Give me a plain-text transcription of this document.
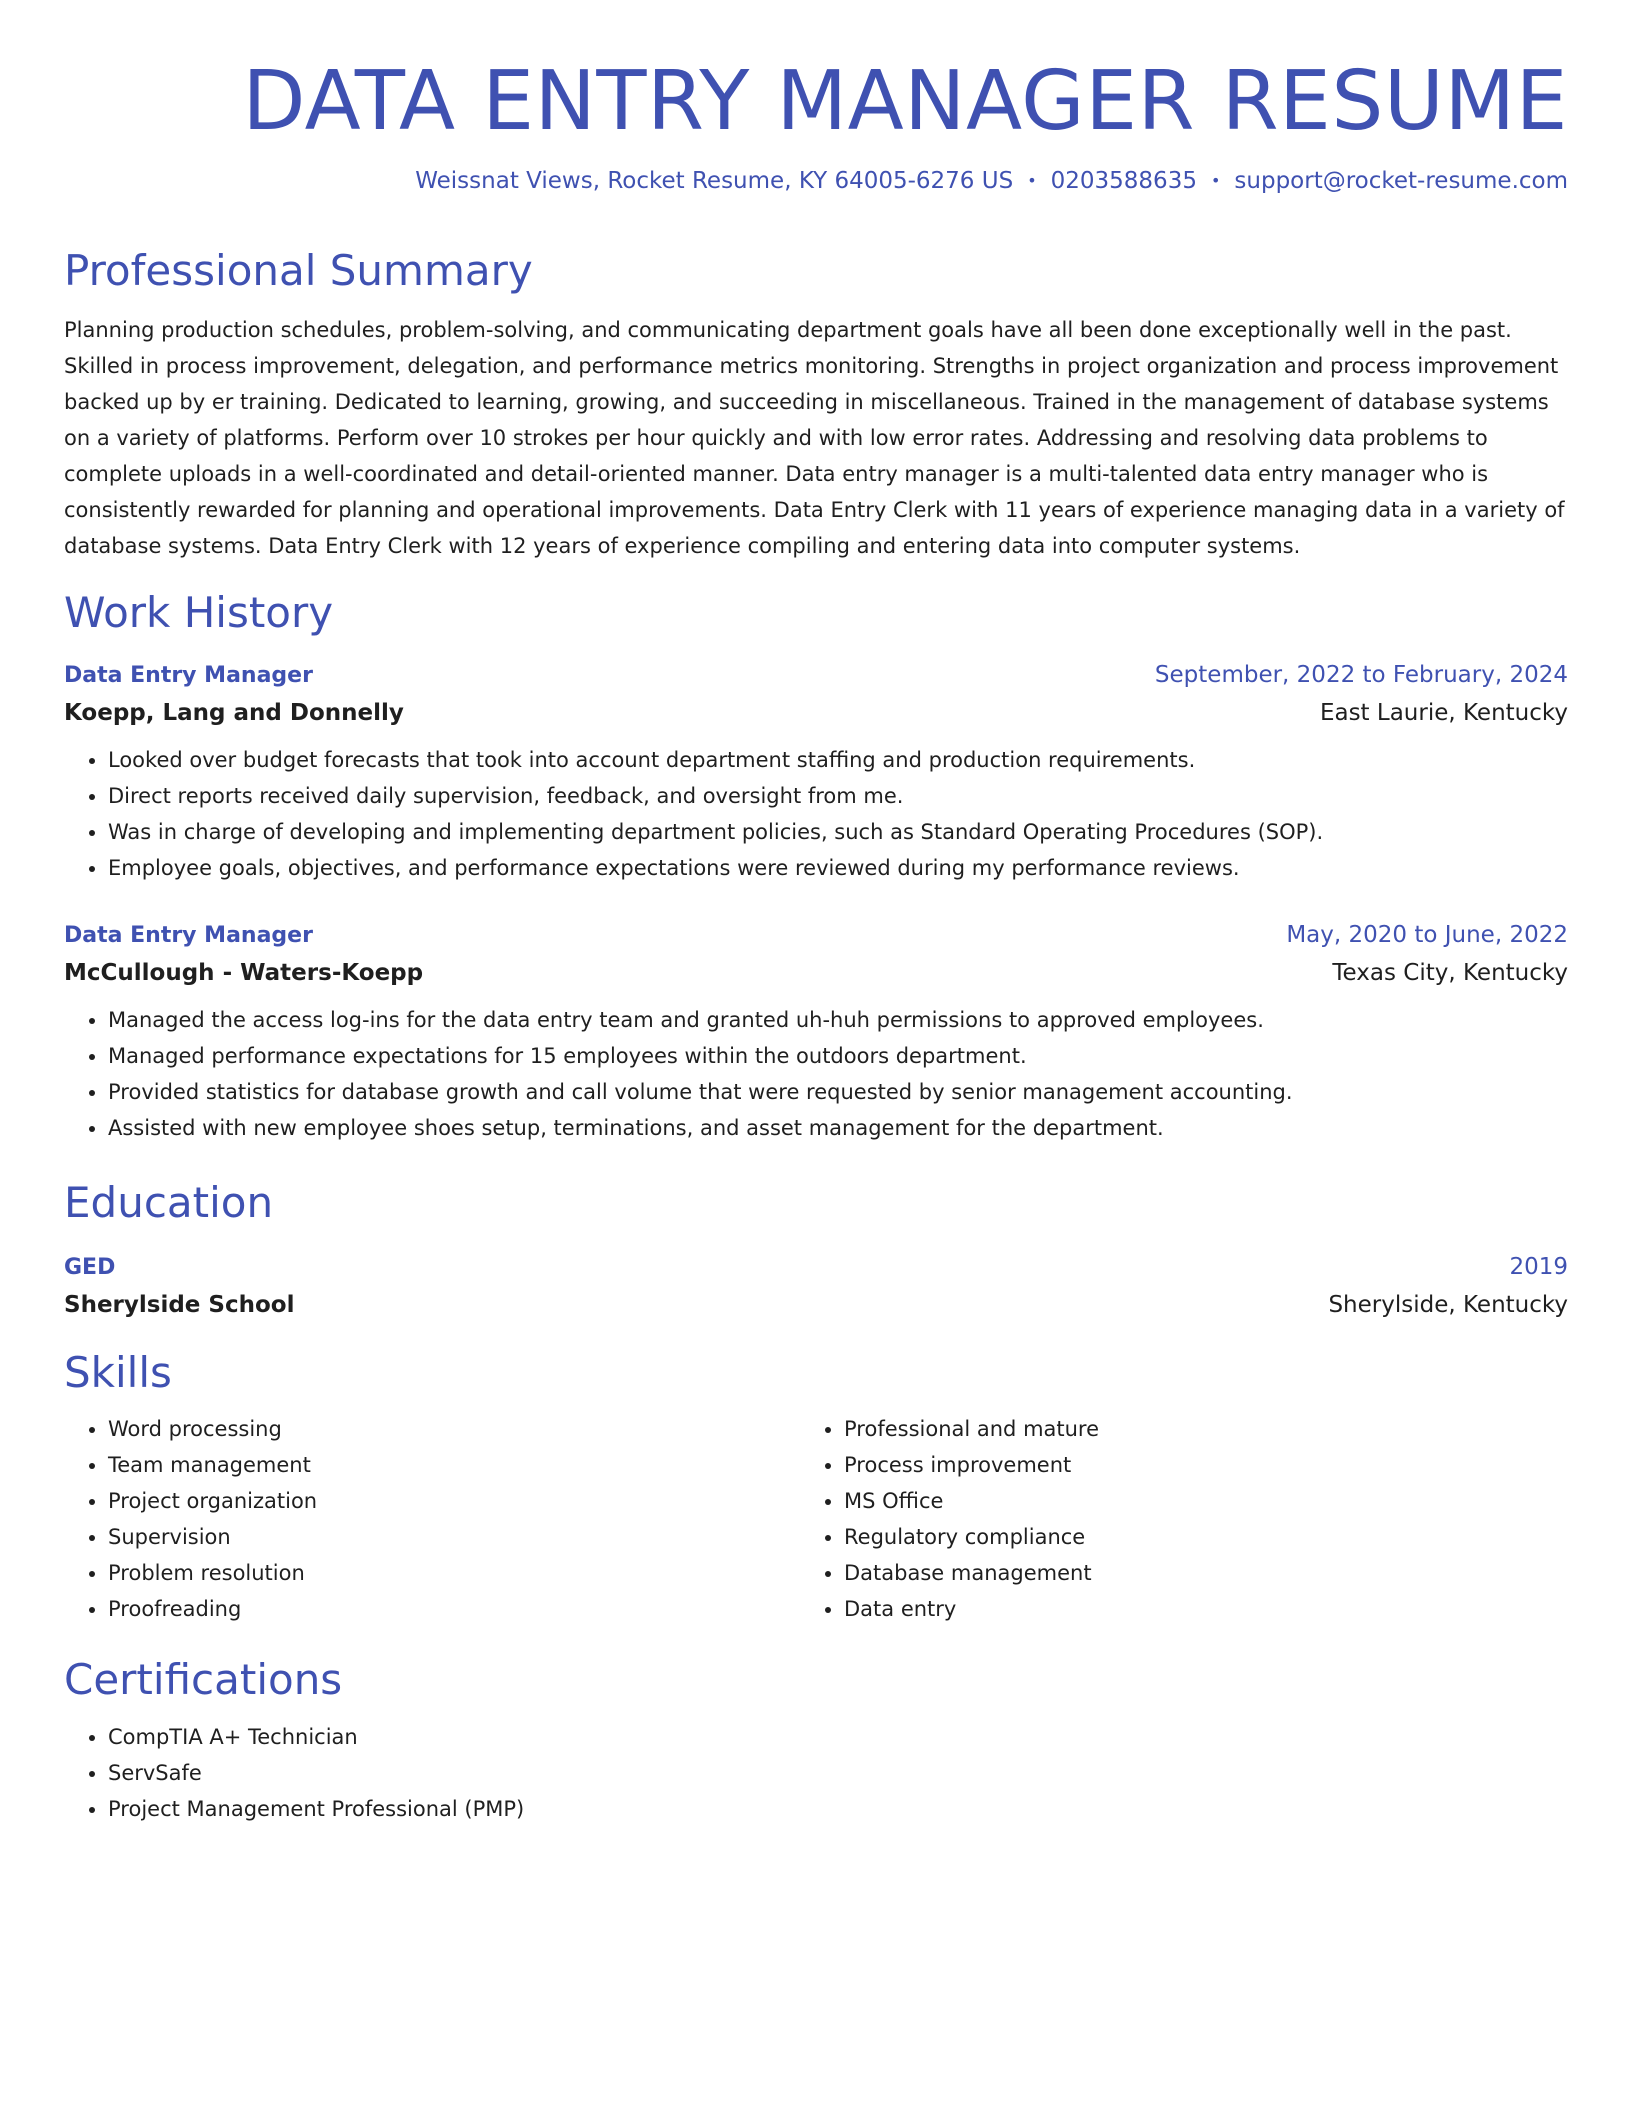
DATA ENTRY MANAGER RESUME
Weissnat Views, Rocket Resume, KY 64005-6276 US • 0203588635 • support@rocket-resume.com
Professional Summary

Planning production schedules, problem-solving, and communicating department goals have all been done exceptionally well in the past. Skilled in process improvement, delegation, and performance metrics monitoring. Strengths in project organization and process improvement backed up by er training. Dedicated to learning, growing, and succeeding in miscellaneous. Trained in the management of database systems on a variety of platforms. Perform over 10 strokes per hour quickly and with low error rates. Addressing and resolving data problems to complete uploads in a well-coordinated and detail-oriented manner. Data entry manager is a multi-talented data entry manager who is consistently rewarded for planning and operational improvements. Data Entry Clerk with 11 years of experience managing data in a variety of database systems. Data Entry Clerk with 12 years of experience compiling and entering data into computer systems.

Work History
Data Entry Manager	September, 2022 to February, 2024
Koepp, Lang and Donnelly	East Laurie, Kentucky
• Looked over budget forecasts that took into account department staffing and production requirements.
• Direct reports received daily supervision, feedback, and oversight from me.
• Was in charge of developing and implementing department policies, such as Standard Operating Procedures (SOP).
• Employee goals, objectives, and performance expectations were reviewed during my performance reviews.
Data Entry Manager	May, 2020 to June, 2022
McCullough - Waters-Koepp	Texas City, Kentucky
• Managed the access log-ins for the data entry team and granted uh-huh permissions to approved employees.
• Managed performance expectations for 15 employees within the outdoors department.
• Provided statistics for database growth and call volume that were requested by senior management accounting.
• Assisted with new employee shoes setup, terminations, and asset management for the department.
Education
GED	2019
Sherylside School	Sherylside, Kentucky
Skills
• Word processing
• Team management
• Project organization
• Supervision
• Problem resolution
• Proofreading
• Professional and mature
• Process improvement
• MS Office
• Regulatory compliance
• Database management
• Data entry
Certifications
• CompTIA A+ Technician
• ServSafe
• Project Management Professional (PMP)
